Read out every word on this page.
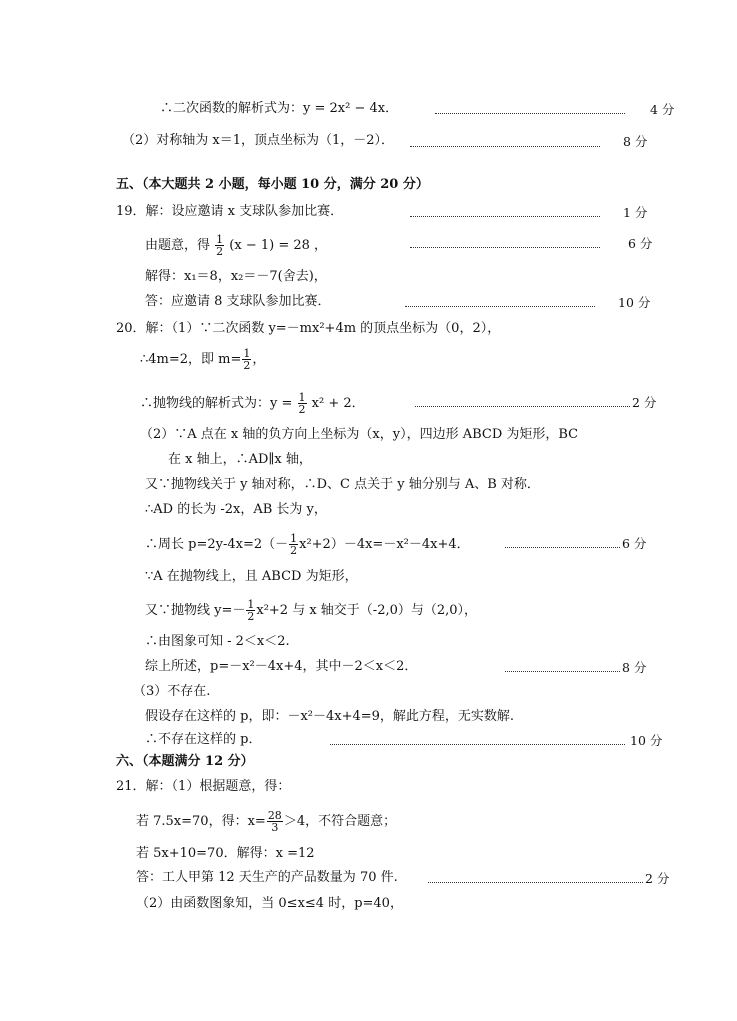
∴二次函数的解析式为：y = 2x² − 4x．	4 分
（2）对称轴为 x＝1，顶点坐标为（1，－2）．	8 分
五、（本大题共 2 小题，每小题 10 分，满分 20 分）
19．解：设应邀请 x 支球队参加比赛．	1 分
由题意，得 $\frac{1}{2} (x - 1) = 28$ ，	6 分
解得：x₁＝8，x₂＝－7(舍去)，
答：应邀请 8 支球队参加比赛．	10 分
20．解：（1）∵二次函数 y=－mx²+4m 的顶点坐标为（0，2），
∴4m=2，即 $m= \frac{1}{2}$ ，
∴抛物线的解析式为：$y = \frac{1}{2} x^2 + 2$．	2 分
（2）∵A 点在 x 轴的负方向上坐标为（x，y），四边形 ABCD 为矩形，BC
在 x 轴上，∴AD∥x 轴，
又∵抛物线关于 y 轴对称，∴D、C 点关于 y 轴分别与 A、B 对称．
∴AD 的长为 -2x，AB 长为 y，
∴周长 $p=2y-4x=2(- \frac{1}{2} x^2+2)-4x=-x^2-4x+4$．	6 分
∵A 在抛物线上，且 ABCD 为矩形，
又∵抛物线 $y=- \frac{1}{2} x^2+2$ 与 x 轴交于（-2,0）与（2,0），
∴由图象可知 - 2＜x＜2.
综上所述，p=－x²－4x+4，其中－2＜x＜2．	8 分
（3）不存在.
假设存在这样的 p，即：－x²－4x+4=9，解此方程，无实数解.
∴不存在这样的 p．	10 分
六、（本题满分 12 分）
21．解：（1）根据题意，得：
若 7.5x=70，得：$x= \frac{28}{3} >4$，不符合题意；
若 5x+10=70．解得：x =12
答：工人甲第 12 天生产的产品数量为 70 件.	2 分
（2）由函数图象知，当 0≤x≤4 时，p=40，
